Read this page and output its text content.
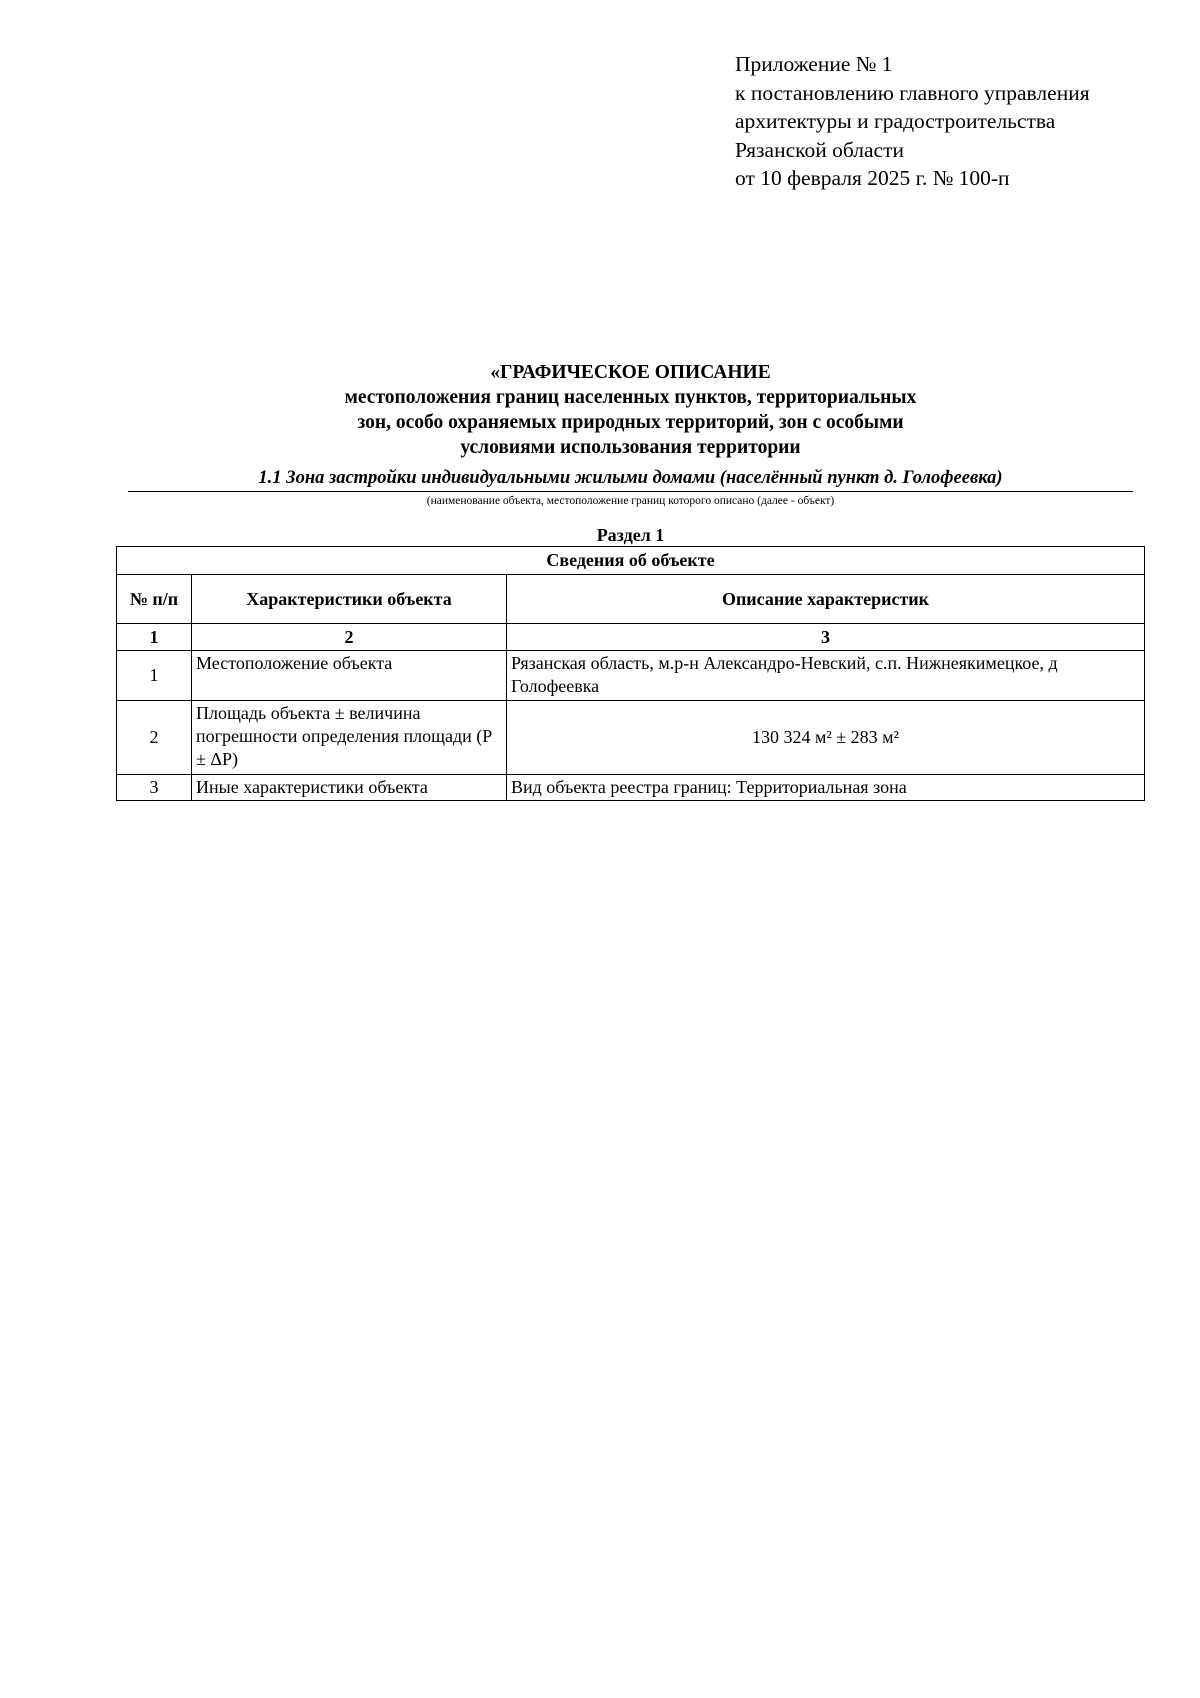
Приложение № 1
к постановлению главного управления
архитектуры и градостроительства
Рязанской области
от 10 февраля 2025 г. № 100-п
«ГРАФИЧЕСКОЕ ОПИСАНИЕ
местоположения границ населенных пунктов, территориальных
зон, особо охраняемых природных территорий, зон с особыми
условиями использования территории
1.1 Зона застройки индивидуальными жилыми домами (населённый пункт д. Голофеевка)
(наименование объекта, местоположение границ которого описано (далее - объект)
Раздел 1
Сведения об объекте		
№ п/п	Характеристики объекта	Описание характеристик
1	2	3
1	Местоположение объекта	Рязанская область, м.р-н Александро-Невский, с.п. Нижнеякимецкое, д Голофеевка
2	Площадь объекта ± величина погрешности определения площади (P ± ΔP)	130 324 м² ± 283 м²
3	Иные характеристики объекта	Вид объекта реестра границ: Территориальная зона
